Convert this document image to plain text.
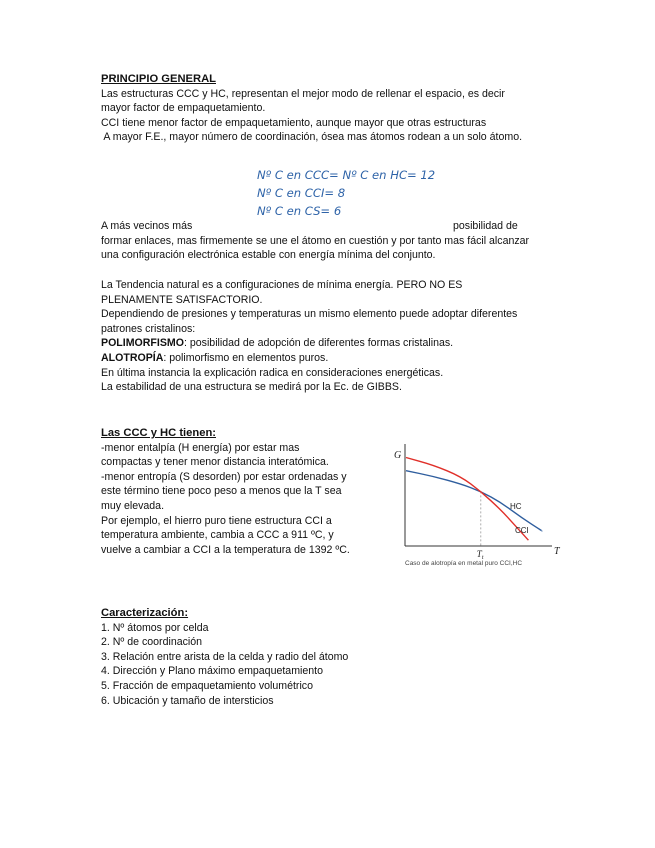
PRINCIPIO GENERAL
Las estructuras CCC y HC, representan el mejor modo de rellenar el espacio, es decir
mayor factor de empaquetamiento.
CCI tiene menor factor de empaquetamiento, aunque mayor que otras estructuras
A mayor F.E., mayor número de coordinación, ósea mas átomos rodean a un solo átomo.
Nº C en CCC= Nº C en HC= 12
Nº C en CCI= 8
Nº C en CS= 6
A más vecinos más	posibilidad de
formar enlaces, mas firmemente se une el átomo en cuestión y por tanto mas fácil alcanzar
una configuración electrónica estable con energía mínima del conjunto.
La Tendencia natural es a configuraciones de mínima energía. PERO NO ES
PLENAMENTE SATISFACTORIO.
Dependiendo de presiones y temperaturas un mismo elemento puede adoptar diferentes
patrones cristalinos:
POLIMORFISMO: posibilidad de adopción de diferentes formas cristalinas.
ALOTROPÍA: polimorfismo en elementos puros.
En última instancia la explicación radica en consideraciones energéticas.
La estabilidad de una estructura se medirá por la Ec. de GIBBS.
Las CCC y HC tienen:
-menor entalpía (H energía) por estar mas
compactas y tener menor distancia interatómica.
-menor entropía (S desorden) por estar ordenadas y
este término tiene poco peso a menos que la T sea
muy elevada.
Por ejemplo, el hierro puro tiene estructura CCI a
temperatura ambiente, cambia a CCC a 911 ºC, y
vuelve a cambiar a CCI a la temperatura de 1392 ºC.
G
T
$T_t$
HC
CCI
Caso de alotropía en metal puro CCI,HC
Caracterización:
1. Nº átomos por celda
2. Nº de coordinación
3. Relación entre arista de la celda y radio del átomo
4. Dirección y Plano máximo empaquetamiento
5. Fracción de empaquetamiento volumétrico
6. Ubicación y tamaño de intersticios
